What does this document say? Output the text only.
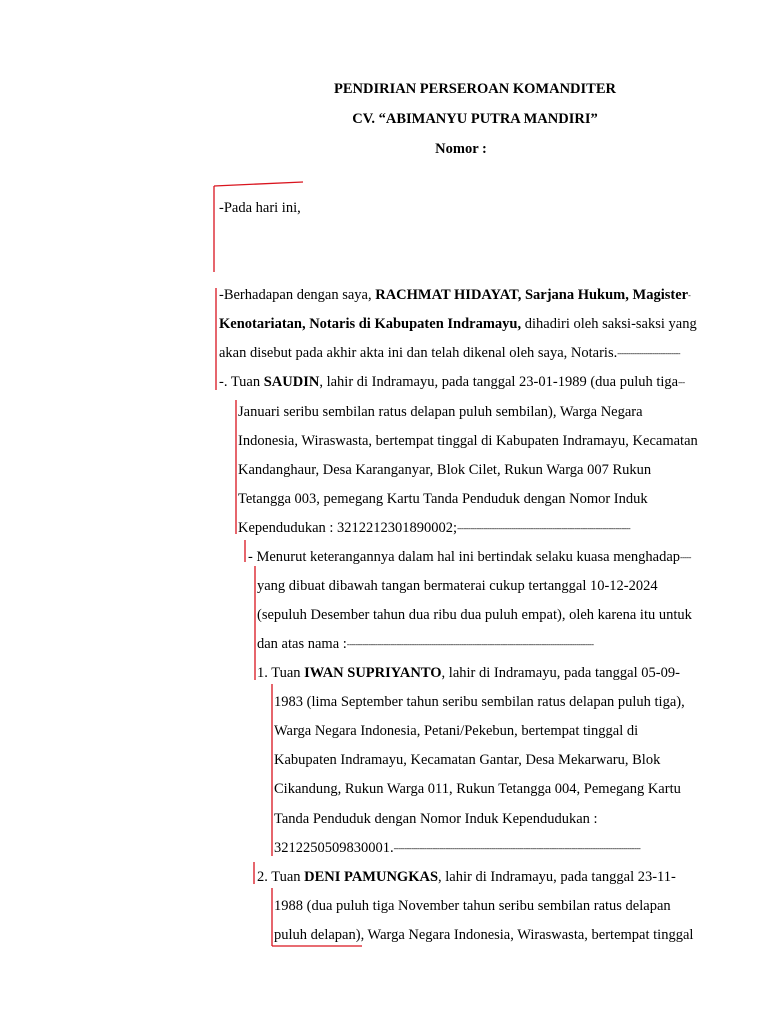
PENDIRIAN PERSEROAN KOMANDITER
CV. “ABIMANYU PUTRA MANDIRI”
Nomor :
-Pada hari ini,
-Berhadapan dengan saya, RACHMAT HIDAYAT, Sarjana Hukum, Magister-
Kenotariatan, Notaris di Kabupaten Indramayu, dihadiri oleh saksi-saksi yang
akan disebut pada akhir akta ini dan telah dikenal oleh saya, Notaris.-----------------------------
-. Tuan SAUDIN, lahir di Indramayu, pada tanggal 23-01-1989 (dua puluh tiga---
Januari seribu sembilan ratus delapan puluh sembilan), Warga Negara
Indonesia, Wiraswasta, bertempat tinggal di Kabupaten Indramayu, Kecamatan
Kandanghaur, Desa Karanganyar, Blok Cilet, Rukun Warga 007 Rukun
Tetangga 003, pemegang Kartu Tanda Penduduk dengan Nomor Induk
Kependudukan : 3212212301890002;--------------------------------------------------------------------------------
- Menurut keterangannya dalam hal ini bertindak selaku kuasa menghadap-----
yang dibuat dibawah tangan bermaterai cukup tertanggal 10-12-2024
(sepuluh Desember tahun dua ribu dua puluh empat), oleh karena itu untuk
dan atas nama :------------------------------------------------------------------------------------------------------------------
1. Tuan IWAN SUPRIYANTO, lahir di Indramayu, pada tanggal 05-09-
1983 (lima September tahun seribu sembilan ratus delapan puluh tiga),
Warga Negara Indonesia, Petani/Pekebun, bertempat tinggal di
Kabupaten Indramayu, Kecamatan Gantar, Desa Mekarwaru, Blok
Cikandung, Rukun Warga 011, Rukun Tetangga 004, Pemegang Kartu
Tanda Penduduk dengan Nomor Induk Kependudukan :
3212250509830001.------------------------------------------------------------------------------------------------------------------
2. Tuan DENI PAMUNGKAS, lahir di Indramayu, pada tanggal 23-11-
1988 (dua puluh tiga November tahun seribu sembilan ratus delapan
puluh delapan), Warga Negara Indonesia, Wiraswasta, bertempat tinggal
